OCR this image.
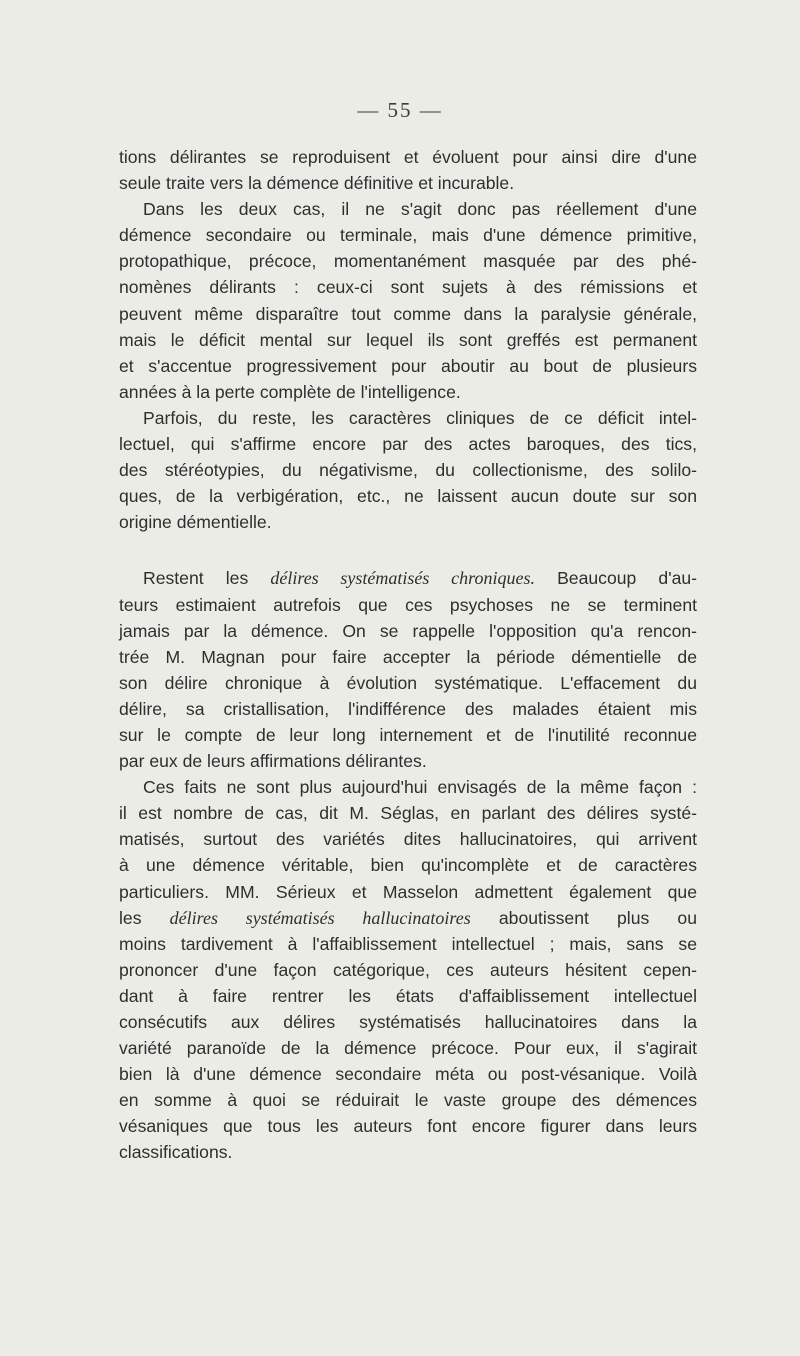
— 55 —
tions délirantes se reproduisent et évoluent pour ainsi dire d'une
seule traite vers la démence définitive et incurable.
Dans les deux cas, il ne s'agit donc pas réellement d'une
démence secondaire ou terminale, mais d'une démence primitive,
protopathique, précoce, momentanément masquée par des phé-
nomènes délirants : ceux-ci sont sujets à des rémissions et
peuvent même disparaître tout comme dans la paralysie générale,
mais le déficit mental sur lequel ils sont greffés est permanent
et s'accentue progressivement pour aboutir au bout de plusieurs
années à la perte complète de l'intelligence.
Parfois, du reste, les caractères cliniques de ce déficit intel-
lectuel, qui s'affirme encore par des actes baroques, des tics,
des stéréotypies, du négativisme, du collectionisme, des solilo-
ques, de la verbigération, etc., ne laissent aucun doute sur son
origine démentielle.
Restent les délires systématisés chroniques. Beaucoup d'au-
teurs estimaient autrefois que ces psychoses ne se terminent
jamais par la démence. On se rappelle l'opposition qu'a rencon-
trée M. Magnan pour faire accepter la période démentielle de
son délire chronique à évolution systématique. L'effacement du
délire, sa cristallisation, l'indifférence des malades étaient mis
sur le compte de leur long internement et de l'inutilité reconnue
par eux de leurs affirmations délirantes.
Ces faits ne sont plus aujourd'hui envisagés de la même façon :
il est nombre de cas, dit M. Séglas, en parlant des délires systé-
matisés, surtout des variétés dites hallucinatoires, qui arrivent
à une démence véritable, bien qu'incomplète et de caractères
particuliers. MM. Sérieux et Masselon admettent également que
les délires systématisés hallucinatoires aboutissent plus ou
moins tardivement à l'affaiblissement intellectuel ; mais, sans se
prononcer d'une façon catégorique, ces auteurs hésitent cepen-
dant à faire rentrer les états d'affaiblissement intellectuel
consécutifs aux délires systématisés hallucinatoires dans la
variété paranoïde de la démence précoce. Pour eux, il s'agirait
bien là d'une démence secondaire méta ou post-vésanique. Voilà
en somme à quoi se réduirait le vaste groupe des démences
vésaniques que tous les auteurs font encore figurer dans leurs
classifications.
